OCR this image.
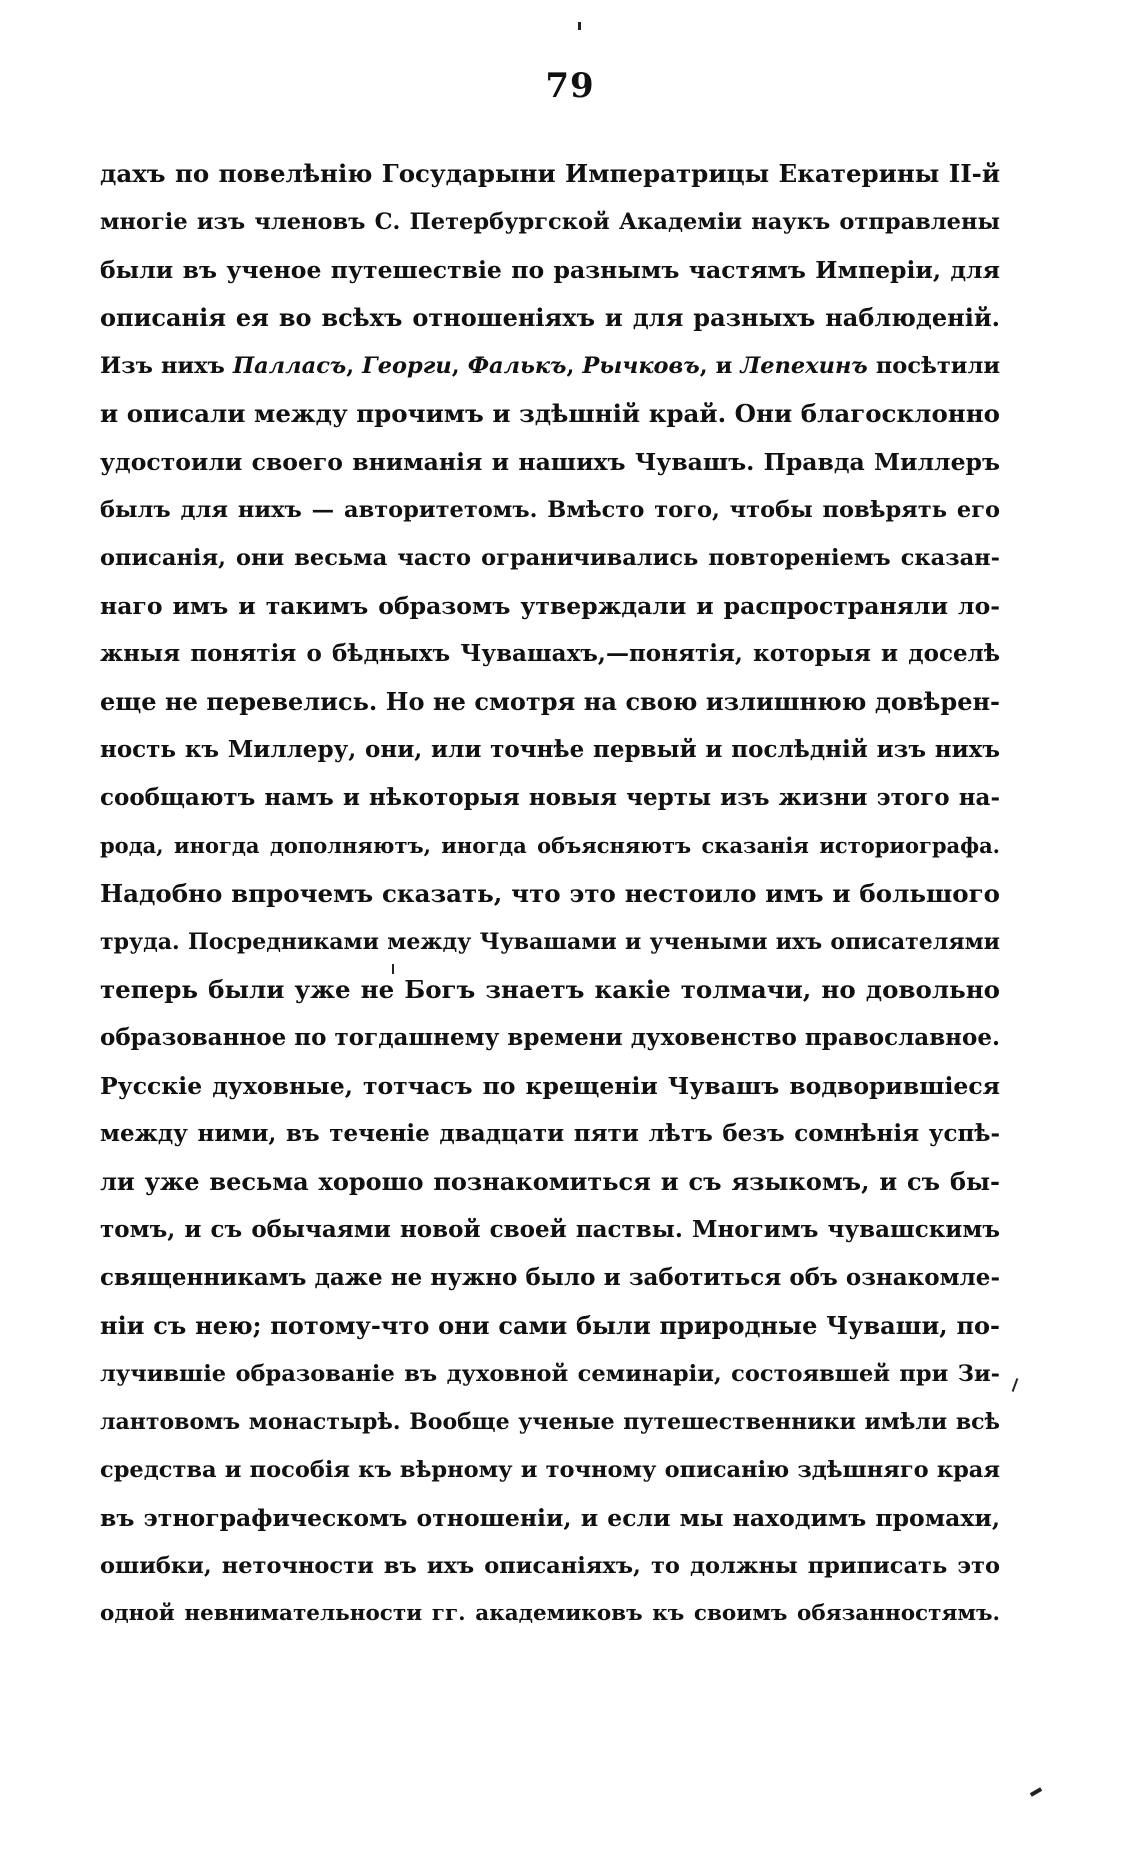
79
дахъ по повелѣнію Государыни Императрицы Екатерины II-й
многіе изъ членовъ С. Петербургской Академіи наукъ отправлены
были въ ученое путешествіе по разнымъ частямъ Имперіи, для
описанія ея во всѣхъ отношеніяхъ и для разныхъ наблюденій.
Изъ нихъ Палласъ, Георги, Фалькъ, Рычковъ, и Лепехинъ посѣтили
и описали между прочимъ и здѣшній край. Они благосклонно
удостоили своего вниманія и нашихъ Чувашъ. Правда Миллеръ
былъ для нихъ — авторитетомъ. Вмѣсто того, чтобы повѣрять его
описанія, они весьма часто ограничивались повтореніемъ сказан-
наго имъ и такимъ образомъ утверждали и распространяли ло-
жныя понятія о бѣдныхъ Чувашахъ,—понятія, которыя и доселѣ
еще не перевелись. Но не смотря на свою излишнюю довѣрен-
ность къ Миллеру, они, или точнѣе первый и послѣдній изъ нихъ
сообщаютъ намъ и нѣкоторыя новыя черты изъ жизни этого на-
рода, иногда дополняютъ, иногда объясняютъ сказанія историографа.
Надобно впрочемъ сказать, что это нестоило имъ и большого
труда. Посредниками между Чувашами и учеными ихъ описателями
теперь были уже не Богъ знаетъ какіе толмачи, но довольно
образованное по тогдашнему времени духовенство православное.
Русскіе духовные, тотчасъ по крещеніи Чувашъ водворившіеся
между ними, въ теченіе двадцати пяти лѣтъ безъ сомнѣнія успѣ-
ли уже весьма хорошо познакомиться и съ языкомъ, и съ бы-
томъ, и съ обычаями новой своей паствы. Многимъ чувашскимъ
священникамъ даже не нужно было и заботиться объ ознакомле-
ніи съ нею; потому-что они сами были природные Чуваши, по-
лучившіе образованіе въ духовной семинаріи, состоявшей при Зи-
лантовомъ монастырѣ. Вообще ученые путешественники имѣли всѣ
средства и пособія къ вѣрному и точному описанію здѣшняго края
въ этнографическомъ отношеніи, и если мы находимъ промахи,
ошибки, неточности въ ихъ описаніяхъ, то должны приписать это
одной невнимательности гг. академиковъ къ своимъ обязанностямъ.
